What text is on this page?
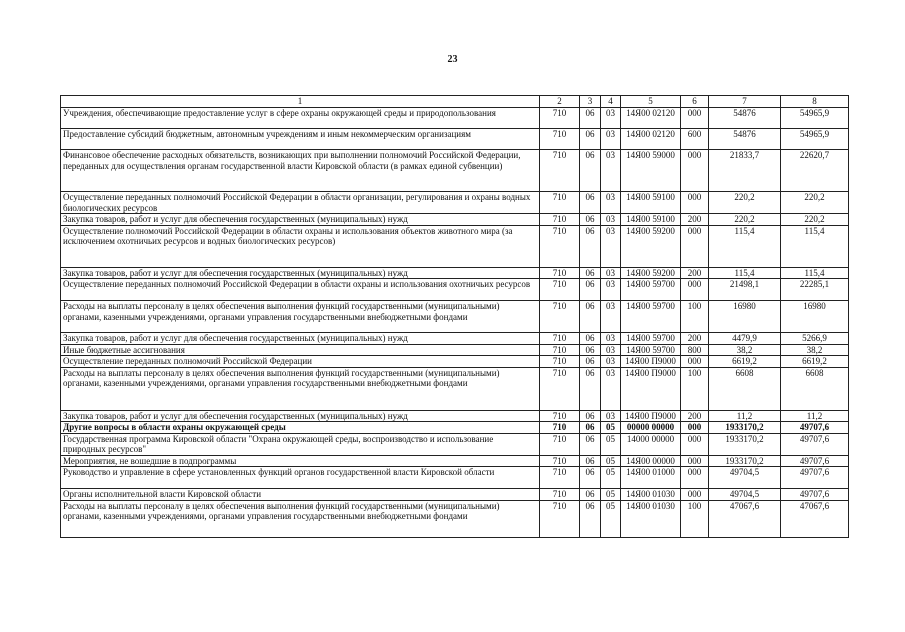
23
1	2	3	4	5	6	7	8
Учреждения, обеспечивающие предоставление услуг в сфере охраны окружающей среды и природопользования	710	06	03	14Я00 02120	000	54876	54965,9
Предоставление субсидий бюджетным, автономным учреждениям и иным некоммерческим организациям	710	06	03	14Я00 02120	600	54876	54965,9
Финансовое обеспечение расходных обязательств, возникающих при выполнении полномочий Российской Федерации, переданных для осуществления органам государственной власти Кировской области (в рамках единой субвенции)	710	06	03	14Я00 59000	000	21833,7	22620,7
Осуществление переданных полномочий Российской Федерации в области организации, регулирования и охраны водных биологических ресурсов	710	06	03	14Я00 59100	000	220,2	220,2
Закупка товаров, работ и услуг для обеспечения государственных (муниципальных) нужд	710	06	03	14Я00 59100	200	220,2	220,2
Осуществление полномочий Российской Федерации в области охраны и использования объектов животного мира (за исключением охотничьих ресурсов и водных биологических ресурсов)	710	06	03	14Я00 59200	000	115,4	115,4
Закупка товаров, работ и услуг для обеспечения государственных (муниципальных) нужд	710	06	03	14Я00 59200	200	115,4	115,4
Осуществление переданных полномочий Российской Федерации в области охраны и использования охотничьих ресурсов	710	06	03	14Я00 59700	000	21498,1	22285,1
Расходы на выплаты персоналу в целях обеспечения выполнения функций государственными (муниципальными) органами, казенными учреждениями, органами управления государственными внебюджетными фондами	710	06	03	14Я00 59700	100	16980	16980
Закупка товаров, работ и услуг для обеспечения государственных (муниципальных) нужд	710	06	03	14Я00 59700	200	4479,9	5266,9
Иные бюджетные ассигнования	710	06	03	14Я00 59700	800	38,2	38,2
Осуществление переданных полномочий Российской Федерации	710	06	03	14Я00 П9000	000	6619,2	6619,2
Расходы на выплаты персоналу в целях обеспечения выполнения функций государственными (муниципальными) органами, казенными учреждениями, органами управления государственными внебюджетными фондами	710	06	03	14Я00 П9000	100	6608	6608
Закупка товаров, работ и услуг для обеспечения государственных (муниципальных) нужд	710	06	03	14Я00 П9000	200	11,2	11,2
Другие вопросы в области охраны окружающей среды	710	06	05	00000 00000	000	1933170,2	49707,6
Государственная программа Кировской области "Охрана окружающей среды, воспроизводство и использование природных ресурсов"	710	06	05	14000 00000	000	1933170,2	49707,6
Мероприятия, не вошедшие в подпрограммы	710	06	05	14Я00 00000	000	1933170,2	49707,6
Руководство и управление в сфере установленных функций органов государственной власти Кировской области	710	06	05	14Я00 01000	000	49704,5	49707,6
Органы исполнительной власти Кировской области	710	06	05	14Я00 01030	000	49704,5	49707,6
Расходы на выплаты персоналу в целях обеспечения выполнения функций государственными (муниципальными) органами, казенными учреждениями, органами управления государственными внебюджетными фондами	710	06	05	14Я00 01030	100	47067,6	47067,6
